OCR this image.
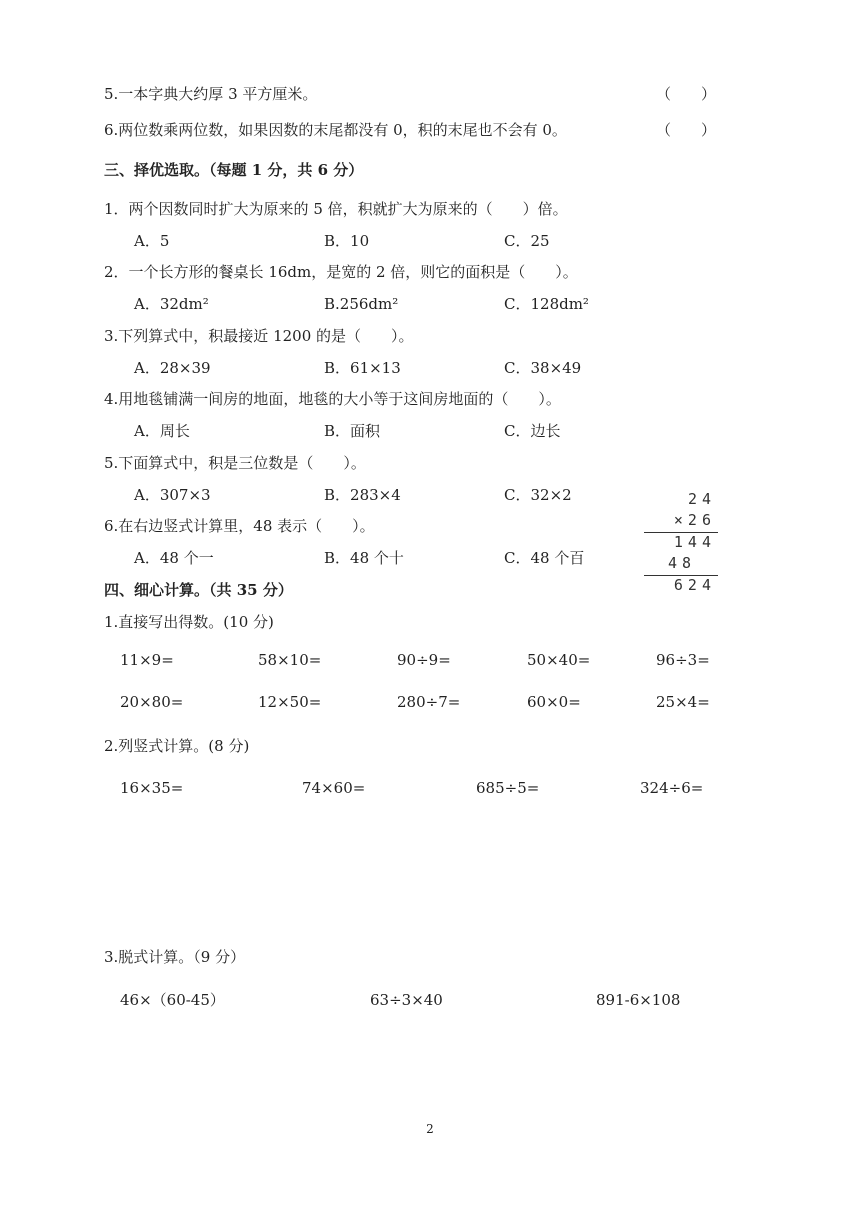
5.一本字典大约厚 3 平方厘米。	（　　）
6.两位数乘两位数，如果因数的末尾都没有 0，积的末尾也不会有 0。	（　　）
三、择优选取。（每题 1 分，共 6 分）
1．两个因数同时扩大为原来的 5 倍，积就扩大为原来的（　　）倍。
A．5	B．10	C．25
2．一个长方形的餐桌长 16dm，是宽的 2 倍，则它的面积是（　　）。
A．32dm²	B.256dm²	C．128dm²
3.下列算式中，积最接近 1200 的是（　　）。
A．28×39	B．61×13	C．38×49
4.用地毯铺满一间房的地面，地毯的大小等于这间房地面的（　　）。
A．周长	B．面积	C．边长
5.下面算式中，积是三位数是（　　）。
A．307×3	B．283×4	C．32×2
6.在右边竖式计算里，48 表示（　　）。
A．48 个一	B．48 个十	C．48 个百
24
×26
144
48
624
四、细心计算。（共 35 分）
1.直接写出得数。(10 分)
11×9=	58×10=	90÷9=	50×40=	96÷3=
20×80=	12×50=	280÷7=	60×0=	25×4=
2.列竖式计算。(8 分)
16×35=	74×60=	685÷5=	324÷6=
3.脱式计算。（9 分）
46×（60-45）	63÷3×40	891-6×108
2
